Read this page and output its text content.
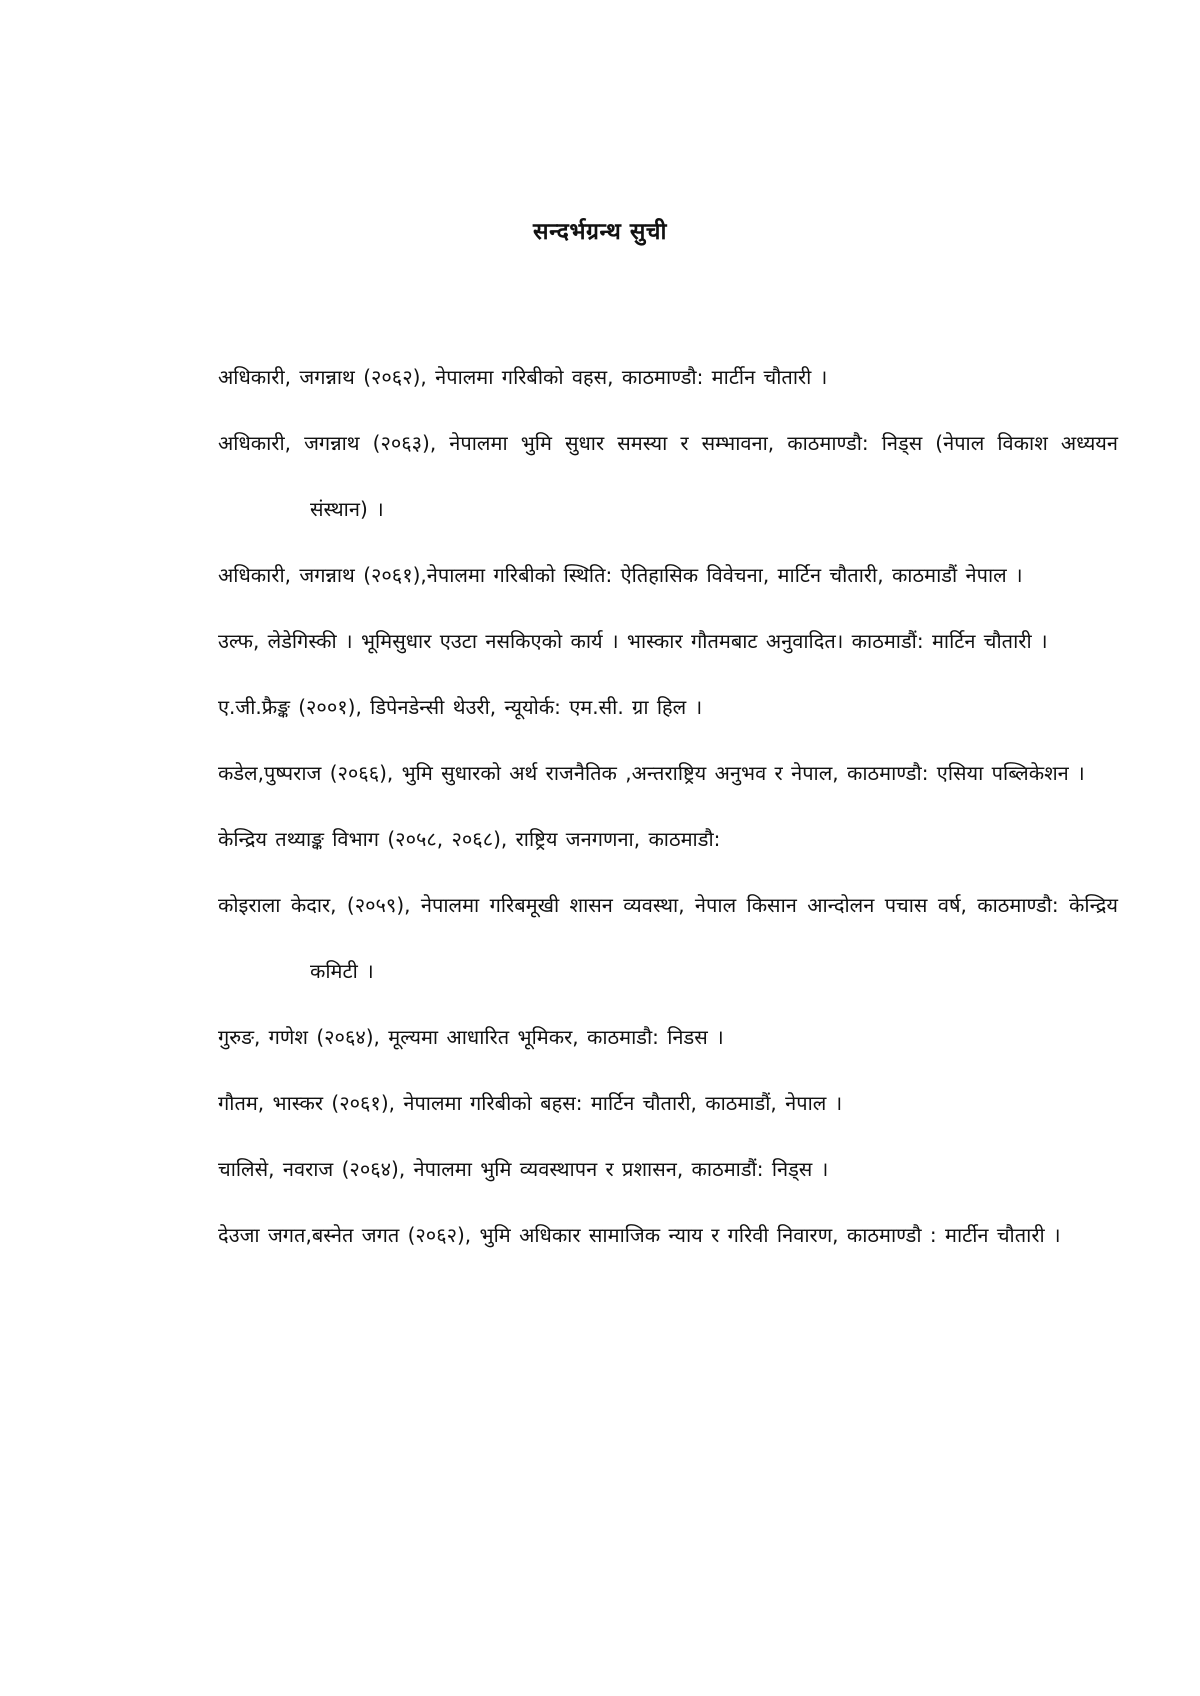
सन्दर्भग्रन्थ सुची
अधिकारी, जगन्नाथ (२०६२), नेपालमा गरिबीको वहस, काठमाण्डौ: मार्टीन चौतारी ।
अधिकारी, जगन्नाथ (२०६३), नेपालमा भुमि सुधार समस्या र सम्भावना, काठमाण्डौ: निड्स (नेपाल विकाश अध्ययन संस्थान) ।
अधिकारी, जगन्नाथ (२०६१),नेपालमा गरिबीको स्थिति: ऐतिहासिक विवेचना, मार्टिन चौतारी, काठमाडौं नेपाल ।
उल्फ, लेडेगिस्की । भूमिसुधार एउटा नसकिएको कार्य । भास्कार गौतमबाट अनुवादित। काठमाडौं: मार्टिन चौतारी ।
ए.जी.फ्रैङ्क (२००१), डिपेनडेन्सी थेउरी, न्यूयोर्क: एम.सी. ग्रा हिल ।
कडेल,पुष्पराज (२०६६), भुमि सुधारको अर्थ राजनैतिक ,अन्तराष्ट्रिय अनुभव र नेपाल, काठमाण्डौ: एसिया पब्लिकेशन ।
केन्द्रिय तथ्याङ्क विभाग (२०५८, २०६८), राष्ट्रिय जनगणना, काठमाडौ:
कोइराला केदार, (२०५९), नेपालमा गरिबमूखी शासन व्यवस्था, नेपाल किसान आन्दोलन पचास वर्ष, काठमाण्डौ: केन्द्रिय कमिटी ।
गुरुङ, गणेश (२०६४), मूल्यमा आधारित भूमिकर, काठमाडौ: निडस ।
गौतम, भास्कर (२०६१), नेपालमा गरिबीको बहस: मार्टिन चौतारी, काठमाडौं, नेपाल ।
चालिसे, नवराज (२०६४), नेपालमा भुमि व्यवस्थापन र प्रशासन, काठमाडौं: निड्स ।
देउजा जगत,बस्नेत जगत (२०६२), भुमि अधिकार सामाजिक न्याय र गरिवी निवारण, काठमाण्डौ : मार्टीन चौतारी ।
